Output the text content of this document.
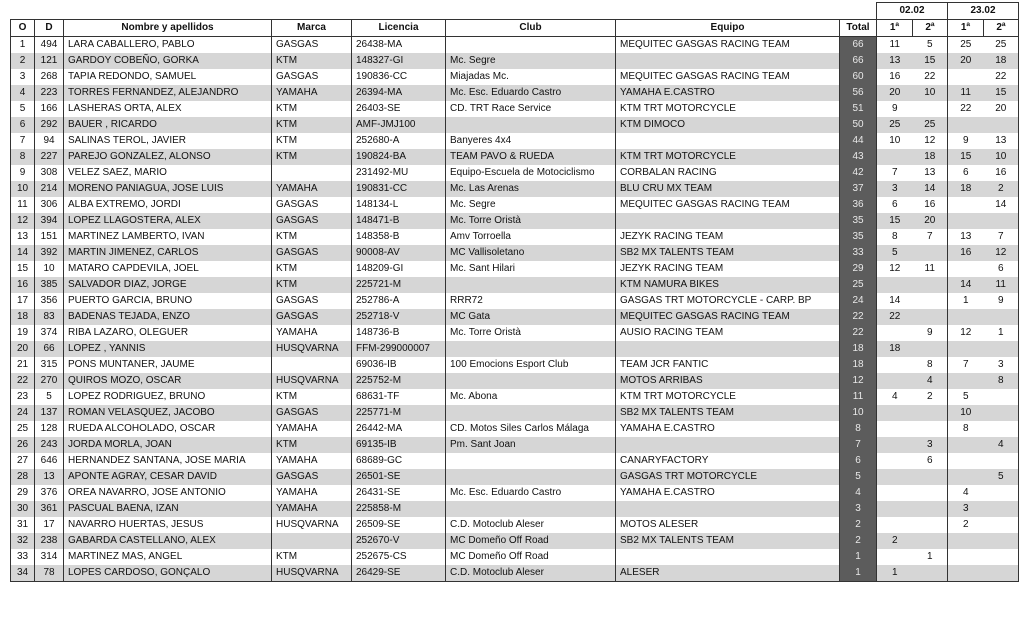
								02.02		23.02	
O	D	Nombre y apellidos	Marca	Licencia	Club	Equipo	Total	1ª	2ª	1ª	2ª
1	494	LARA CABALLERO, PABLO	GASGAS	26438-MA		MEQUITEC GASGAS RACING TEAM	66	11	5	25	25
2	121	GARDOY COBEÑO, GORKA	KTM	148327-GI	Mc. Segre		66	13	15	20	18
3	268	TAPIA REDONDO, SAMUEL	GASGAS	190836-CC	Miajadas Mc.	MEQUITEC GASGAS RACING TEAM	60	16	22		22
4	223	TORRES FERNANDEZ, ALEJANDRO	YAMAHA	26394-MA	Mc. Esc. Eduardo Castro	YAMAHA E.CASTRO	56	20	10	11	15
5	166	LASHERAS ORTA, ALEX	KTM	26403-SE	CD. TRT Race Service	KTM TRT MOTORCYCLE	51	9		22	20
6	292	BAUER , RICARDO	KTM	AMF-JMJ100		KTM DIMOCO	50	25	25		
7	94	SALINAS TEROL, JAVIER	KTM	252680-A	Banyeres 4x4		44	10	12	9	13
8	227	PAREJO GONZALEZ, ALONSO	KTM	190824-BA	TEAM PAVO & RUEDA	KTM TRT MOTORCYCLE	43		18	15	10
9	308	VELEZ SAEZ, MARIO		231492-MU	Equipo-Escuela de Motociclismo	CORBALAN RACING	42	7	13	6	16
10	214	MORENO PANIAGUA, JOSE LUIS	YAMAHA	190831-CC	Mc. Las Arenas	BLU CRU MX TEAM	37	3	14	18	2
11	306	ALBA EXTREMO, JORDI	GASGAS	148134-L	Mc. Segre	MEQUITEC GASGAS RACING TEAM	36	6	16		14
12	394	LOPEZ LLAGOSTERA, ALEX	GASGAS	148471-B	Mc. Torre Oristà		35	15	20		
13	151	MARTINEZ LAMBERTO, IVAN	KTM	148358-B	Amv Torroella	JEZYK RACING TEAM	35	8	7	13	7
14	392	MARTIN JIMENEZ, CARLOS	GASGAS	90008-AV	MC Vallisoletano	SB2 MX TALENTS TEAM	33	5		16	12
15	10	MATARO CAPDEVILA, JOEL	KTM	148209-GI	Mc. Sant Hilari	JEZYK RACING TEAM	29	12	11		6
16	385	SALVADOR DIAZ, JORGE	KTM	225721-M		KTM NAMURA BIKES	25			14	11
17	356	PUERTO GARCIA, BRUNO	GASGAS	252786-A	RRR72	GASGAS TRT MOTORCYCLE - CARP. BP	24	14		1	9
18	83	BADENAS TEJADA, ENZO	GASGAS	252718-V	MC Gata	MEQUITEC GASGAS RACING TEAM	22	22			
19	374	RIBA LAZARO, OLEGUER	YAMAHA	148736-B	Mc. Torre Oristà	AUSIO RACING TEAM	22		9	12	1
20	66	LOPEZ , YANNIS	HUSQVARNA	FFM-299000007			18	18			
21	315	PONS MUNTANER, JAUME		69036-IB	100 Emocions Esport Club	TEAM JCR FANTIC	18		8	7	3
22	270	QUIROS MOZO, OSCAR	HUSQVARNA	225752-M		MOTOS ARRIBAS	12		4		8
23	5	LOPEZ RODRIGUEZ, BRUNO	KTM	68631-TF	Mc. Abona	KTM TRT MOTORCYCLE	11	4	2	5	
24	137	ROMAN VELASQUEZ, JACOBO	GASGAS	225771-M		SB2 MX TALENTS TEAM	10			10	
25	128	RUEDA ALCOHOLADO, OSCAR	YAMAHA	26442-MA	CD. Motos Siles Carlos Málaga	YAMAHA E.CASTRO	8			8	
26	243	JORDA MORLA, JOAN	KTM	69135-IB	Pm. Sant Joan		7		3		4
27	646	HERNANDEZ SANTANA, JOSE MARIA	YAMAHA	68689-GC		CANARYFACTORY	6		6		
28	13	APONTE AGRAY, CESAR DAVID	GASGAS	26501-SE		GASGAS TRT MOTORCYCLE	5				5
29	376	OREA NAVARRO, JOSE ANTONIO	YAMAHA	26431-SE	Mc. Esc. Eduardo Castro	YAMAHA E.CASTRO	4			4	
30	361	PASCUAL BAENA, IZAN	YAMAHA	225858-M			3			3	
31	17	NAVARRO HUERTAS, JESUS	HUSQVARNA	26509-SE	C.D. Motoclub Aleser	MOTOS ALESER	2			2	
32	238	GABARDA CASTELLANO, ALEX		252670-V	MC Domeño Off Road	SB2 MX TALENTS TEAM	2	2			
33	314	MARTINEZ MAS, ANGEL	KTM	252675-CS	MC Domeño Off Road		1		1		
34	78	LOPES CARDOSO, GONÇALO	HUSQVARNA	26429-SE	C.D. Motoclub Aleser	ALESER	1	1			
